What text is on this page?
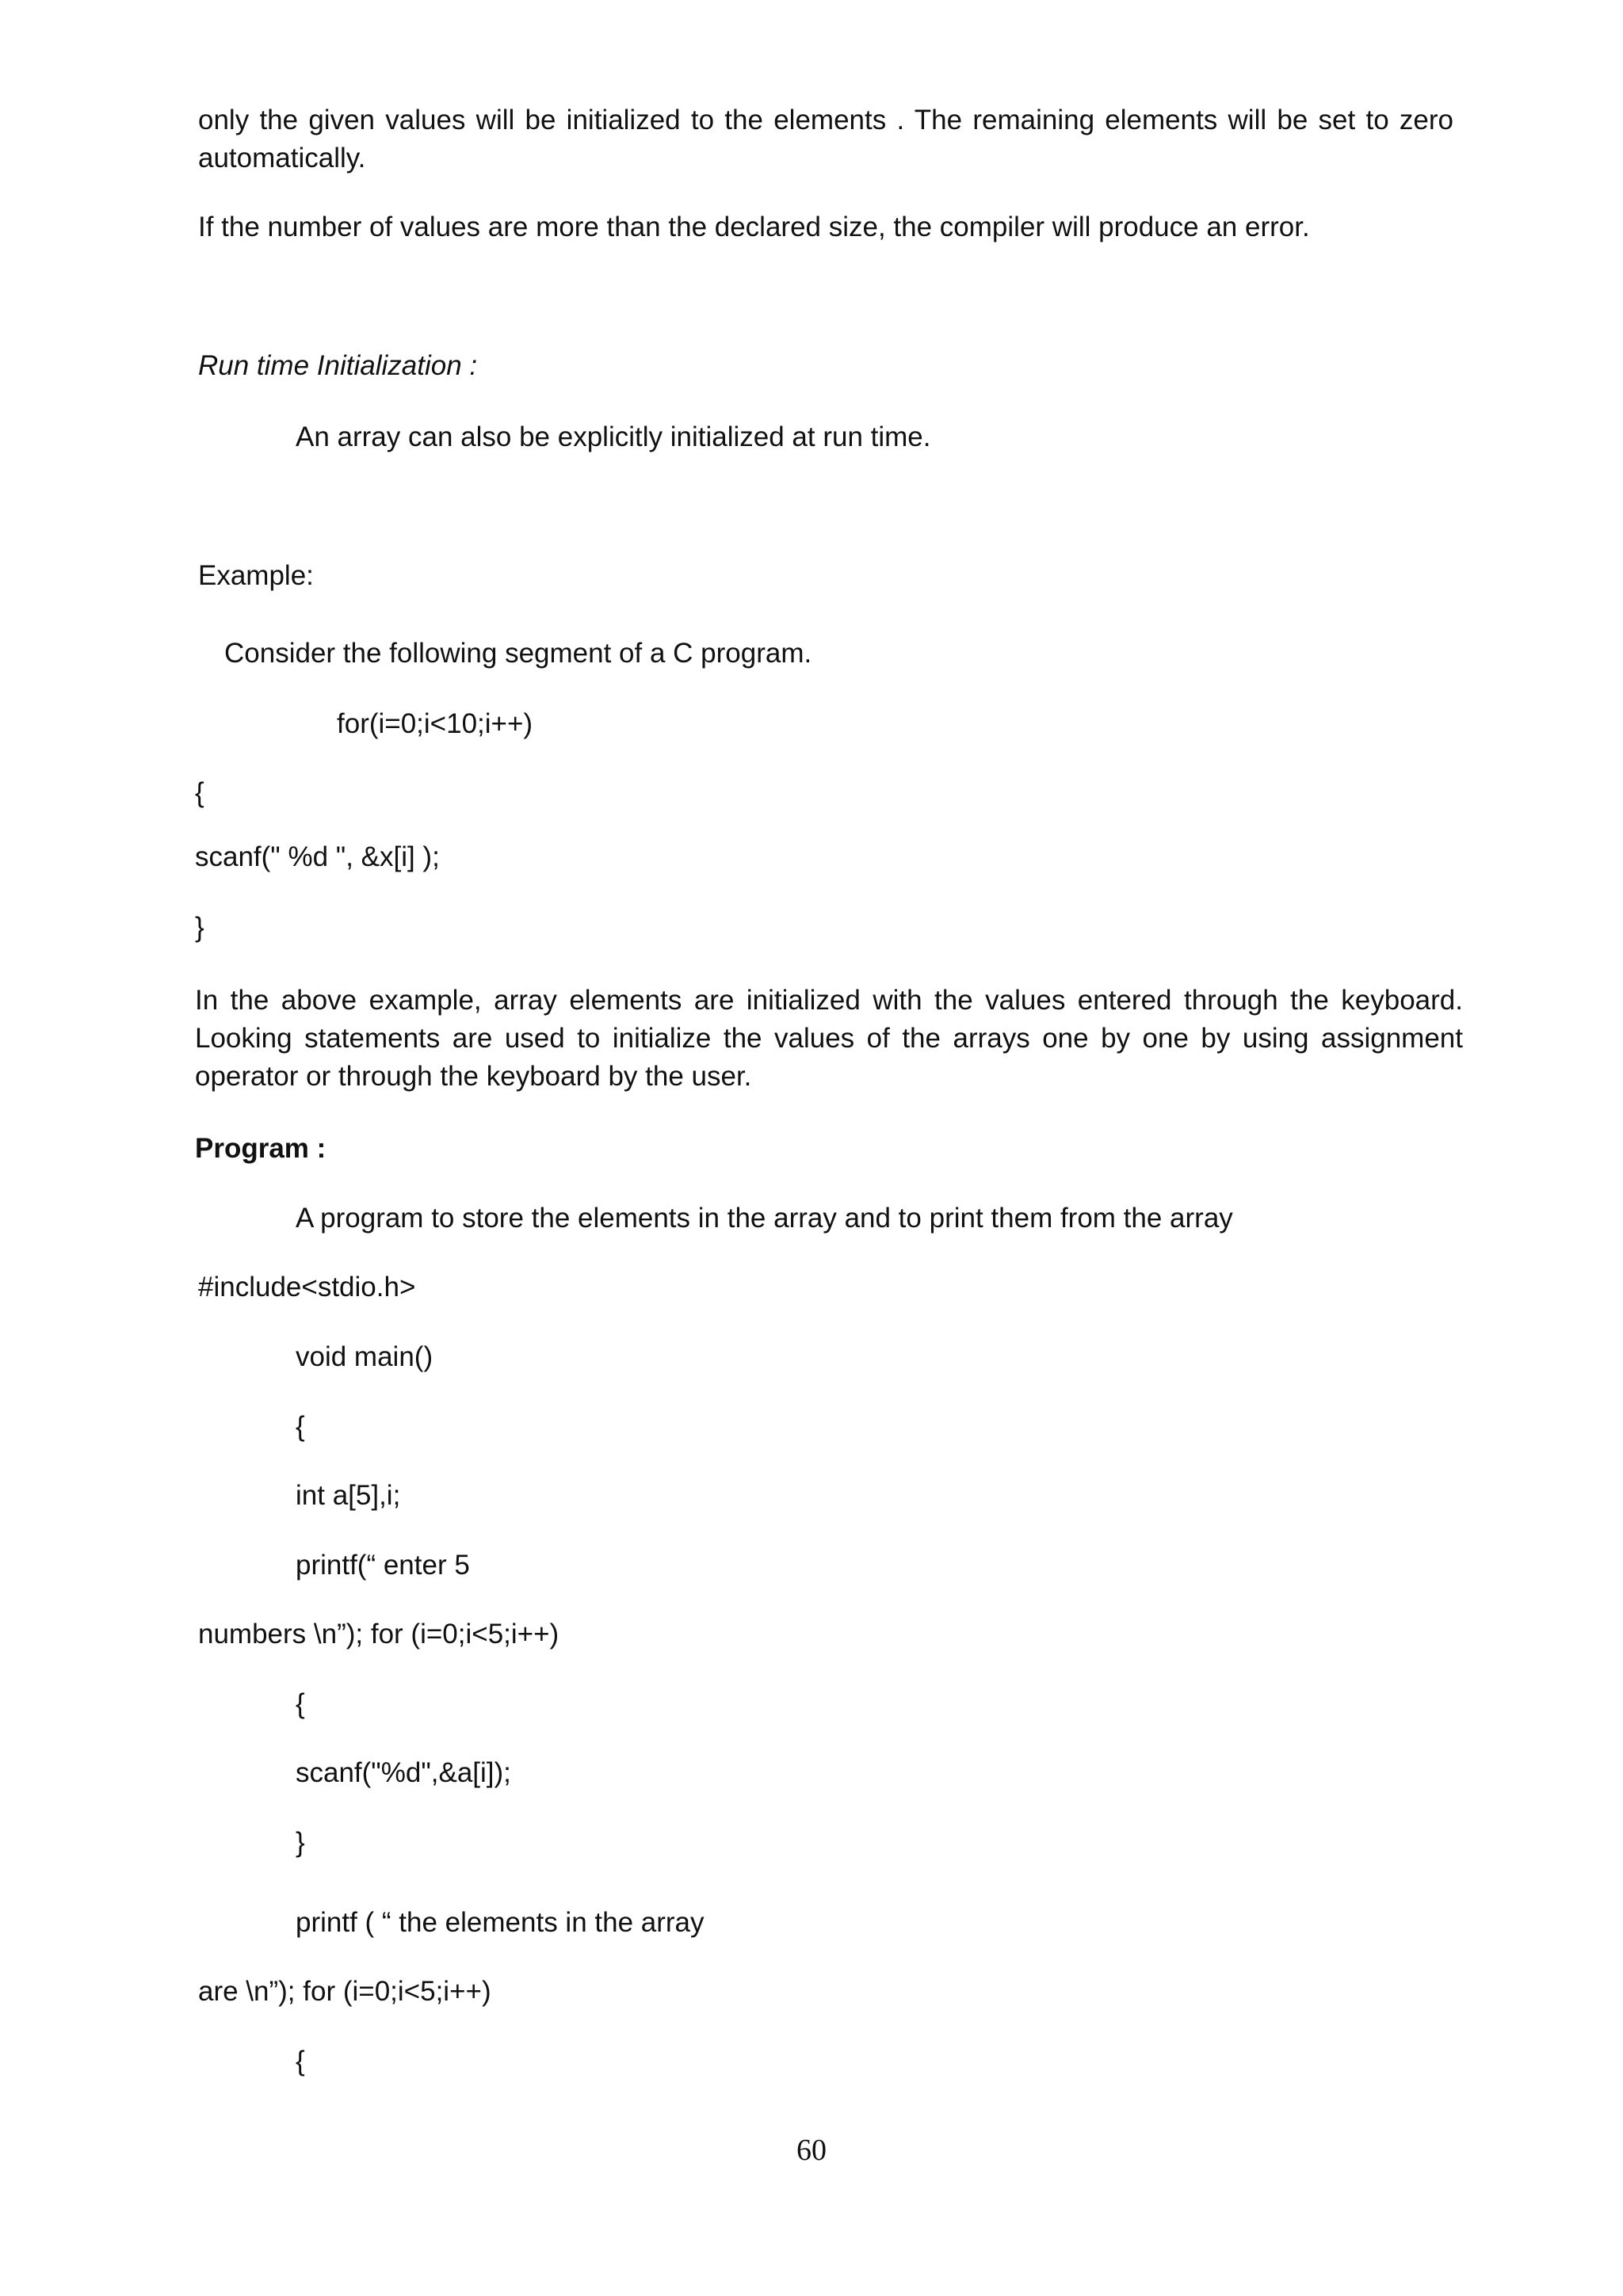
only the given values will be initialized to the elements . The remaining elements will be set to zero automatically.
If the number of values are more than the declared size, the compiler will produce an error.
Run time Initialization :
An array can also be explicitly initialized at run time.
Example:
Consider the following segment of a C program.
for(i=0;i<10;i++)
{
scanf(" %d ", &x[i] );
}
In the above example, array elements are initialized with the values entered through the keyboard. Looking statements are used to initialize the values of the arrays one by one by using assignment operator or through the keyboard by the user.
Program :
A program to store the elements in the array and to print them from the array
#include<stdio.h>
void main()
{
int a[5],i;
printf(“ enter 5
numbers \n”); for (i=0;i<5;i++)
{
scanf("%d",&a[i]);
}
printf ( “ the elements in the array
are \n”); for (i=0;i<5;i++)
{
60
